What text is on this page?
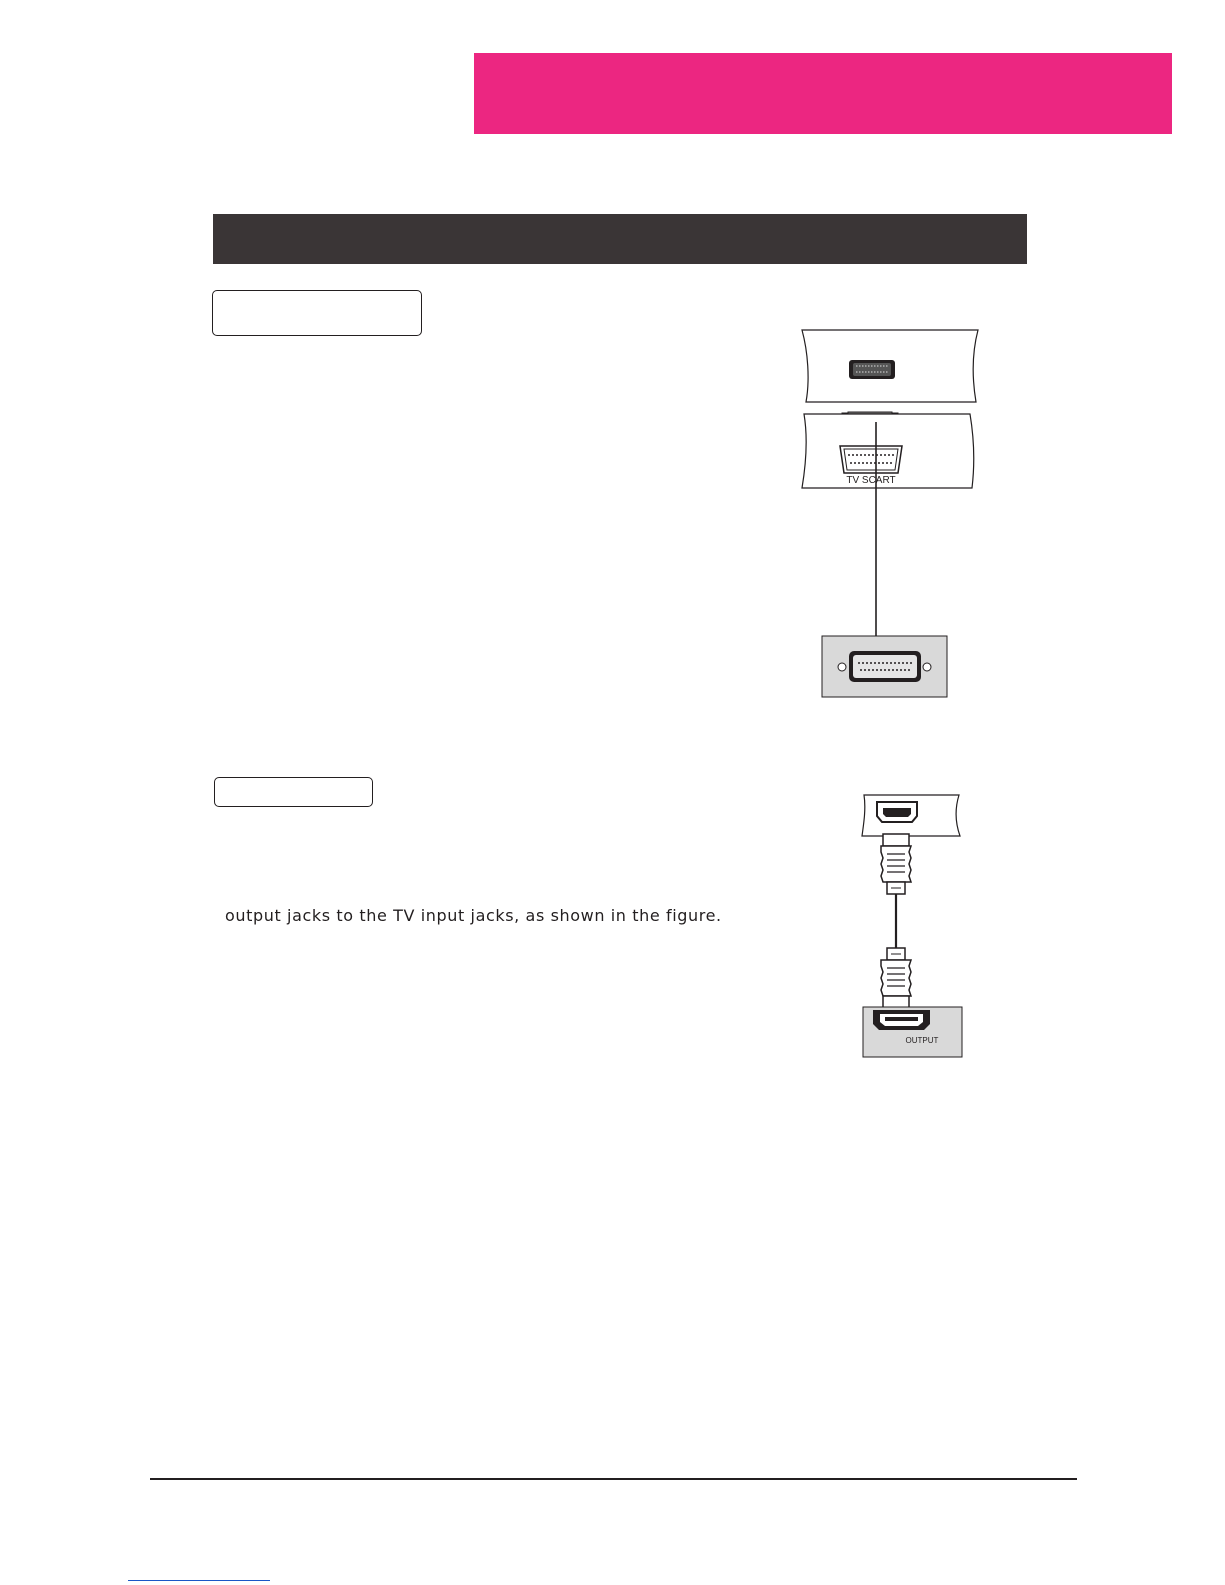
TV SCART

output jacks to the TV input jacks, as shown in the figure.

OUTPUT
